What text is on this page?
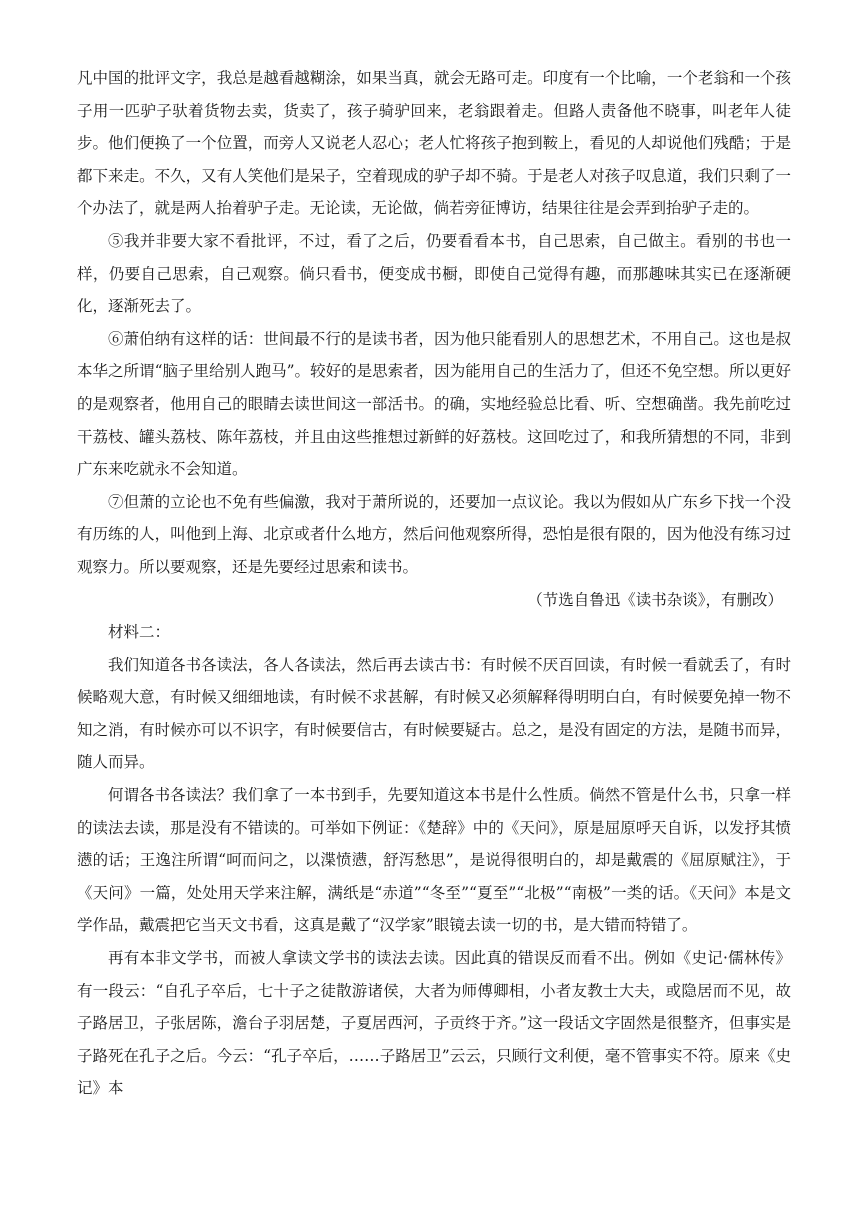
凡中国的批评文字，我总是越看越糊涂，如果当真，就会无路可走。印度有一个比喻，一个老翁和一个孩子用一匹驴子驮着货物去卖，货卖了，孩子骑驴回来，老翁跟着走。但路人责备他不晓事，叫老年人徒步。他们便换了一个位置，而旁人又说老人忍心；老人忙将孩子抱到鞍上，看见的人却说他们残酷；于是都下来走。不久，又有人笑他们是呆子，空着现成的驴子却不骑。于是老人对孩子叹息道，我们只剩了一个办法了，就是两人抬着驴子走。无论读，无论做，倘若旁征博访，结果往往是会弄到抬驴子走的。

⑤我并非要大家不看批评，不过，看了之后，仍要看看本书，自己思索，自己做主。看别的书也一样，仍要自己思索，自己观察。倘只看书，便变成书橱，即使自己觉得有趣，而那趣味其实已在逐渐硬化，逐渐死去了。

⑥萧伯纳有这样的话：世间最不行的是读书者，因为他只能看别人的思想艺术，不用自己。这也是叔本华之所谓“脑子里给别人跑马”。较好的是思索者，因为能用自己的生活力了，但还不免空想。所以更好的是观察者，他用自己的眼睛去读世间这一部活书。的确，实地经验总比看、听、空想确凿。我先前吃过干荔枝、罐头荔枝、陈年荔枝，并且由这些推想过新鲜的好荔枝。这回吃过了，和我所猜想的不同，非到广东来吃就永不会知道。

⑦但萧的立论也不免有些偏激，我对于萧所说的，还要加一点议论。我以为假如从广东乡下找一个没有历练的人，叫他到上海、北京或者什么地方，然后问他观察所得，恐怕是很有限的，因为他没有练习过观察力。所以要观察，还是先要经过思索和读书。

（节选自鲁迅《读书杂谈》，有删改）

材料二：

我们知道各书各读法，各人各读法，然后再去读古书：有时候不厌百回读，有时候一看就丢了，有时候略观大意，有时候又细细地读，有时候不求甚解，有时候又必须解释得明明白白，有时候要免掉一物不知之消，有时候亦可以不识字，有时候要信古，有时候要疑古。总之，是没有固定的方法，是随书而异，随人而异。

何谓各书各读法？我们拿了一本书到手，先要知道这本书是什么性质。倘然不管是什么书，只拿一样的读法去读，那是没有不错读的。可举如下例证：《楚辞》中的《天问》，原是屈原呼天自诉，以发抒其愤懑的话；王逸注所谓“呵而问之，以渫愤懑，舒泻愁思”，是说得很明白的，却是戴震的《屈原赋注》，于《天问》一篇，处处用天学来注解，满纸是“赤道”“冬至”“夏至”“北极”“南极”一类的话。《天问》本是文学作品，戴震把它当天文书看，这真是戴了“汉学家”眼镜去读一切的书，是大错而特错了。

再有本非文学书，而被人拿读文学书的读法去读。因此真的错误反而看不出。例如《史记·儒林传》有一段云：“自孔子卒后，七十子之徒散游诸侯，大者为师傅卿相，小者友教士大夫，或隐居而不见，故子路居卫，子张居陈，澹台子羽居楚，子夏居西河，子贡终于齐。”这一段话文字固然是很整齐，但事实是子路死在孔子之后。今云：“孔子卒后，……子路居卫”云云，只顾行文利便，毫不管事实不符。原来《史记》本
